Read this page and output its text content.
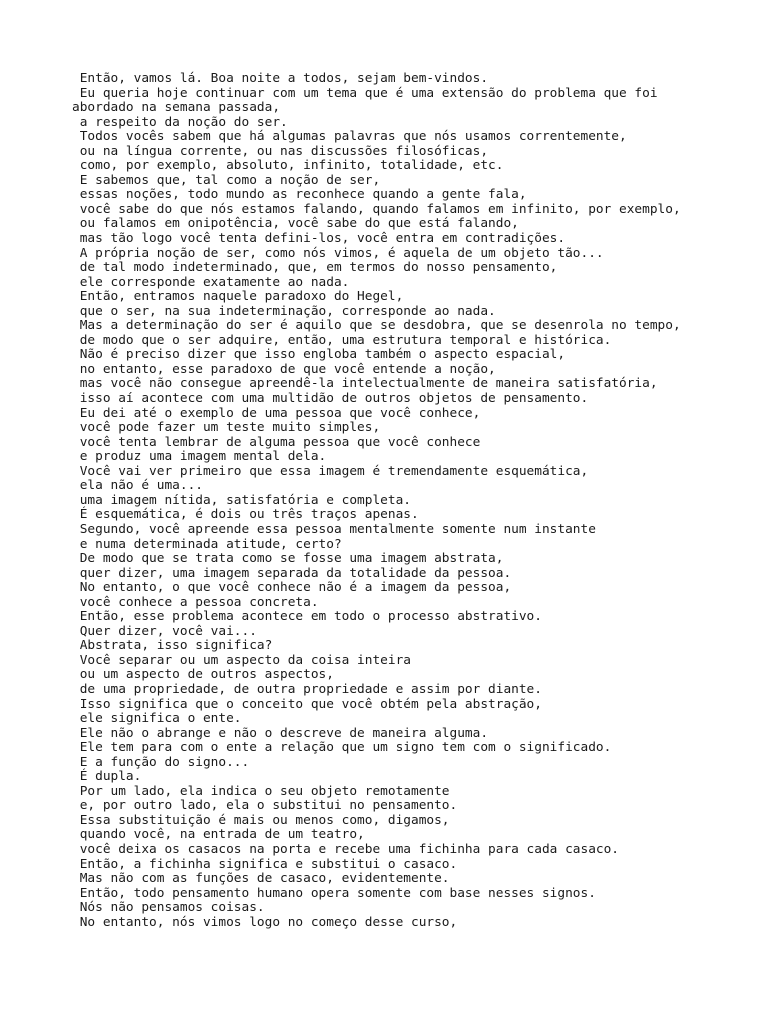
Então, vamos lá. Boa noite a todos, sejam bem-vindos.
Eu queria hoje continuar com um tema que é uma extensão do problema que foi
abordado na semana passada,
a respeito da noção do ser.
Todos vocês sabem que há algumas palavras que nós usamos correntemente,
ou na língua corrente, ou nas discussões filosóficas,
como, por exemplo, absoluto, infinito, totalidade, etc.
E sabemos que, tal como a noção de ser,
essas noções, todo mundo as reconhece quando a gente fala,
você sabe do que nós estamos falando, quando falamos em infinito, por exemplo,
ou falamos em onipotência, você sabe do que está falando,
mas tão logo você tenta defini-los, você entra em contradições.
A própria noção de ser, como nós vimos, é aquela de um objeto tão...
de tal modo indeterminado, que, em termos do nosso pensamento,
ele corresponde exatamente ao nada.
Então, entramos naquele paradoxo do Hegel,
que o ser, na sua indeterminação, corresponde ao nada.
Mas a determinação do ser é aquilo que se desdobra, que se desenrola no tempo,
de modo que o ser adquire, então, uma estrutura temporal e histórica.
Não é preciso dizer que isso engloba também o aspecto espacial,
no entanto, esse paradoxo de que você entende a noção,
mas você não consegue apreendê-la intelectualmente de maneira satisfatória,
isso aí acontece com uma multidão de outros objetos de pensamento.
Eu dei até o exemplo de uma pessoa que você conhece,
você pode fazer um teste muito simples,
você tenta lembrar de alguma pessoa que você conhece
e produz uma imagem mental dela.
Você vai ver primeiro que essa imagem é tremendamente esquemática,
ela não é uma...
uma imagem nítida, satisfatória e completa.
É esquemática, é dois ou três traços apenas.
Segundo, você apreende essa pessoa mentalmente somente num instante
e numa determinada atitude, certo?
De modo que se trata como se fosse uma imagem abstrata,
quer dizer, uma imagem separada da totalidade da pessoa.
No entanto, o que você conhece não é a imagem da pessoa,
você conhece a pessoa concreta.
Então, esse problema acontece em todo o processo abstrativo.
Quer dizer, você vai...
Abstrata, isso significa?
Você separar ou um aspecto da coisa inteira
ou um aspecto de outros aspectos,
de uma propriedade, de outra propriedade e assim por diante.
Isso significa que o conceito que você obtém pela abstração,
ele significa o ente.
Ele não o abrange e não o descreve de maneira alguma.
Ele tem para com o ente a relação que um signo tem com o significado.
E a função do signo...
É dupla.
Por um lado, ela indica o seu objeto remotamente
e, por outro lado, ela o substitui no pensamento.
Essa substituição é mais ou menos como, digamos,
quando você, na entrada de um teatro,
você deixa os casacos na porta e recebe uma fichinha para cada casaco.
Então, a fichinha significa e substitui o casaco.
Mas não com as funções de casaco, evidentemente.
Então, todo pensamento humano opera somente com base nesses signos.
Nós não pensamos coisas.
No entanto, nós vimos logo no começo desse curso,
